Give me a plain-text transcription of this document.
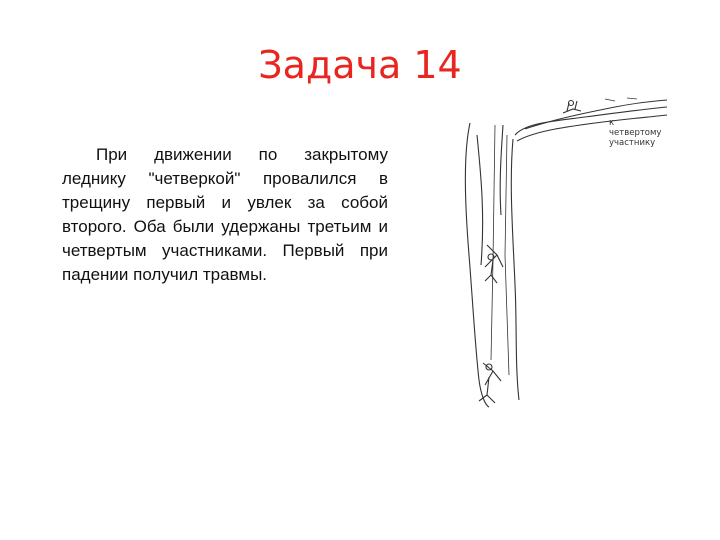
Задача 14

При движении по закрытому леднику "четверкой" провалился в трещину первый и увлек за собой второго. Оба были удержаны третьим и четвертым участниками. Первый при падении получил травмы.

к
четвертому
участнику
